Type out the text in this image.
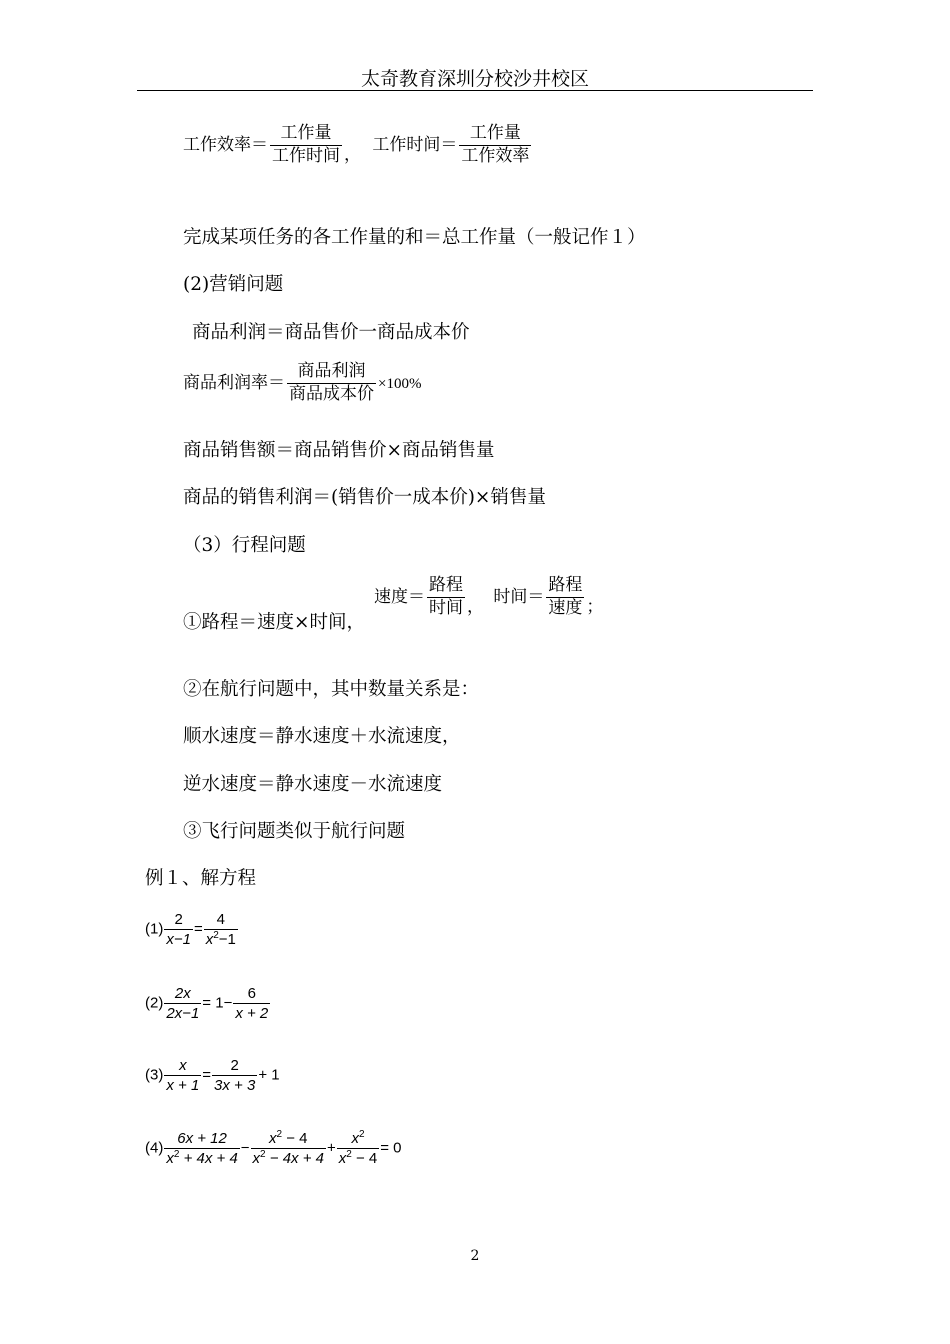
太奇教育深圳分校沙井校区
工作效率＝ $\frac{\text{工作量}}{\text{工作时间}}$ ， 工作时间＝ $\frac{\text{工作量}}{\text{工作效率}}$
完成某项任务的各工作量的和＝总工作量（一般记作１）
(2)营销问题
商品利润＝商品售价一商品成本价
商品利润率＝ $\frac{\text{商品利润}}{\text{商品成本价}} \times 100\%$
商品销售额＝商品销售价×商品销售量
商品的销售利润＝(销售价一成本价)×销售量
（3）行程问题
①路程＝速度×时间，
速度＝ $\frac{\text{路程}}{\text{时间}}$ ， 时间＝ $\frac{\text{路程}}{\text{速度}}$ ；
②在航行问题中，其中数量关系是：
顺水速度＝静水速度＋水流速度，
逆水速度＝静水速度－水流速度
③飞行问题类似于航行问题
例１、解方程
$(1) \frac{2}{x-1} = \frac{4}{x^2-1}$
$(2) \frac{2x}{2x-1} = 1- \frac{6}{x + 2}$
$(3) \frac{x}{x + 1} = \frac{2}{3x + 3} + 1$
$(4) \frac{6x + 12}{x^2 + 4x + 4} - \frac{x^2 - 4}{x^2 - 4x + 4} + \frac{x^2}{x^2 - 4} = 0$
2
